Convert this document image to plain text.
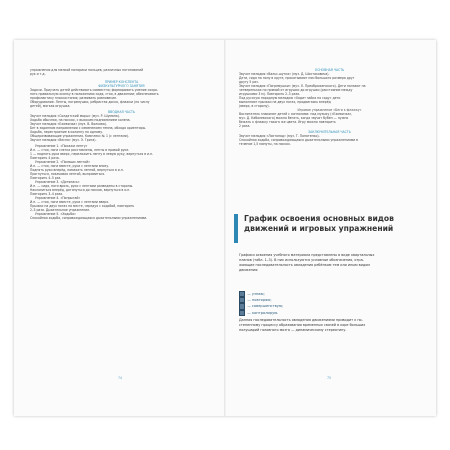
упражнения для мелкой моторики пальцев, различных потягиваний
рук и т.д.
ПРИМЕР КОНСПЕКТА
ФИЗКУЛЬТУРНОГО ЗАНЯТИЯ
Задачи. Приучать детей действовать совместно; формировать умение сохра-
нять правильную осанку в положениях сидя, стоя, в движении; обеспечивать
профилактику плоскостопия; развивать равновесие.
Оборудование. Ленты, погремушки, ребристая доска, флажки (по числу
детей), мягкая игрушка.
ВВОДНАЯ ЧАСТЬ
Звучит мелодия «Солдатский марш» (муз. Р. Шумана).
Ходьба обычная, на носках, с высоким подниманием колена.
Звучит мелодия «Ежевичка» (муз. В. Волкова).
Бег в заданном направлении с изменением темпа, обходя ориентиры.
Ходьба, перестроение в колонну по одному.
Общеразвивающие упражнения. Комплекс № 1 (с лентами).
Звучит мелодия «Весна» (муз. Э. Грига).
Упражнение 1. «Покажи ленту»
И.п. — стоя, ноги слегка расставлены, ленты в правой руке.
1 — поднять руки вверх, переложить ленту в левую руку, вернуться в и.п.
Повторить 4 раза.
Упражнение 2. «Помаши лентой»
И.п. — стоя, ноги вместе, руки с лентами внизу.
Поднять руки вперёд, помахать лентой, вернуться в и.п.
Прогнуться, покачивая лентой, выпрямиться.
Повторить 4–5 раз.
Упражнение 3. «Дотянись»
И.п. — сидя, ноги врозь, руки с лентами разведены в стороны.
Наклониться вперёд, дотянуться до носков, вернуться в и.п.
Повторить 3–4 раза.
Упражнение 4. «Попрыгай»
И.п. — стоя, ноги вместе, руки с лентами вверх.
Прыжки на двух ногах на месте, чередуя с ходьбой, повторить
2–3 раза. Дыхательное упражнение.
Упражнение 5. «Ходьба»
Спокойная ходьба, сопровождающаяся дыхательными упражнениями.
74
ОСНОВНАЯ ЧАСТЬ
Звучит мелодия «Вальс-шутка» (муз. Д. Шостаковича).
Дети, сидя на полу в круге, прокатывают мяч большого размера друг
другу 5 раз.
Звучит мелодия «Погремушки» (муз. Л. Преображенского). Дети ползают на
четвереньках по прямой от игрушки до игрушки (расстояние между
игрушками 3 м). Повторить 2–3 раза.
Под русскую народную мелодию «Ходит зайка по саду» дети
выполняют прыжки на двух ногах, продвигаясь вперёд
(вверх, в сторону).
Игровое упражнение «Беги к флажку»
Воспитатель знакомит детей с сигналами: под музыку («Ежевичка»,
муз. Д. Кабалевского) можно бегать, когда звучит бубен — нужно
бежать к флажку такого же цвета. Игру можно повторить
2 раза.
ЗАКЛЮЧИТЕЛЬНАЯ ЧАСТЬ
Звучит мелодия «Листопад» (муз. Т. Попатенко).
Спокойная ходьба, сопровождающаяся дыхательными упражнениями в
течение 1,5 минуты, на носках.
График освоения основных видов
движений и игровых упражнений
Графики освоения учебного материала представлены в виде квартальных
планов (табл. 1–3). В них используются условные обозначения, отра-
жающие последовательность овладения ребёнком тем или иным видом
движения:
— узнаю;
— повторяю;
— совершенствую;
— контролирую.
Данная последовательность овладения движениями приводит к по-
степенному процессу образования временных связей в коре больших
полушарий головного мозга — динамическому стереотипу.
75
